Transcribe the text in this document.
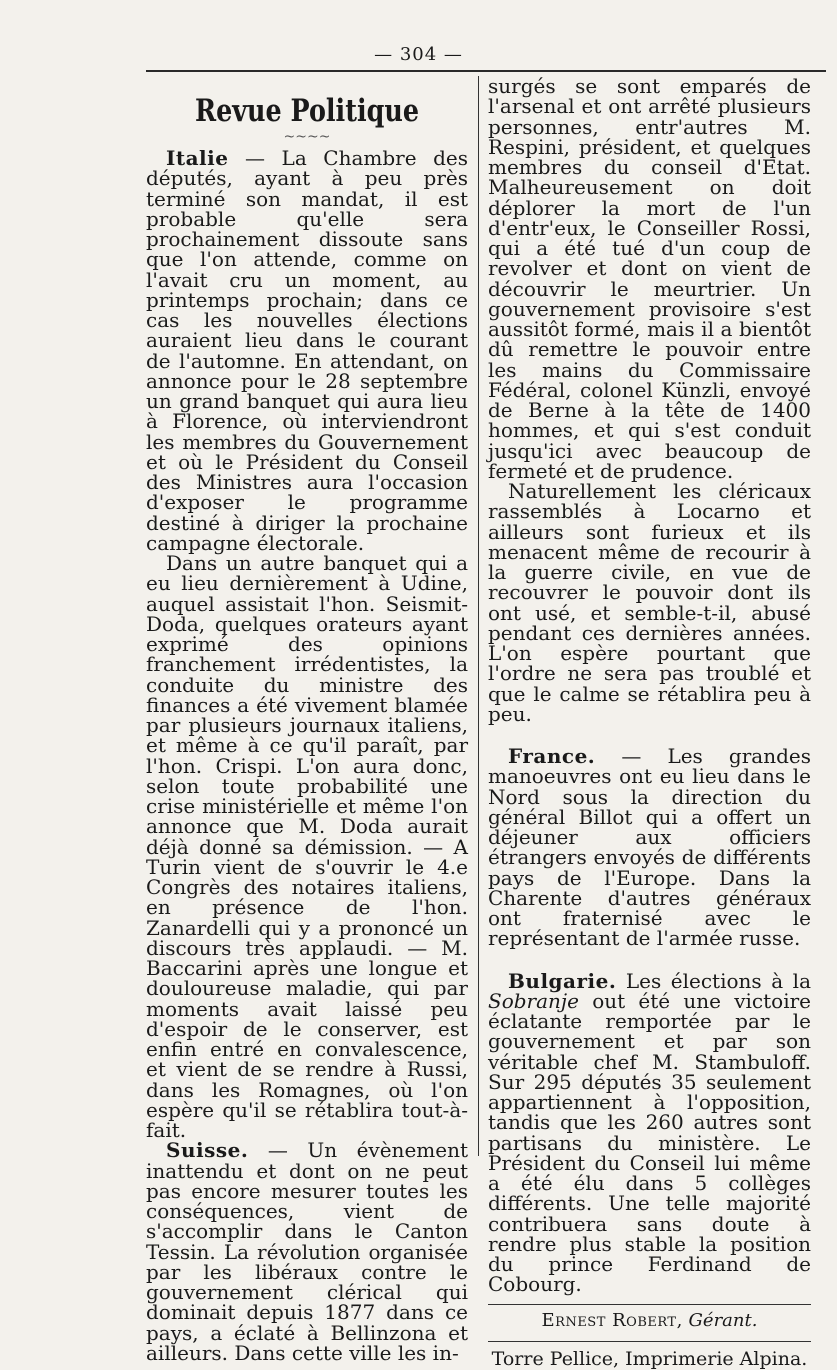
— 304 —

Revue Politique

~~~~

Italie — La Chambre des députés, ayant à peu près terminé son mandat, il est probable qu'elle sera prochainement dissoute sans que l'on attende, comme on l'avait cru un moment, au printemps prochain; dans ce cas les nouvelles élections auraient lieu dans le courant de l'automne. En attendant, on annonce pour le 28 septembre un grand banquet qui aura lieu à Florence, où interviendront les membres du Gouvernement et où le Président du Conseil des Ministres aura l'occasion d'exposer le programme destiné à diriger la prochaine campagne électorale.

Dans un autre banquet qui a eu lieu dernièrement à Udine, auquel assistait l'hon. Seismit-Doda, quelques orateurs ayant exprimé des opinions franchement irrédentistes, la conduite du ministre des finances a été vivement blamée par plusieurs journaux italiens, et même à ce qu'il paraît, par l'hon. Crispi. L'on aura donc, selon toute probabilité une crise ministérielle et même l'on annonce que M. Doda aurait déjà donné sa démission. — A Turin vient de s'ouvrir le 4.e Congrès des notaires italiens, en présence de l'hon. Zanardelli qui y a prononcé un discours très applaudi. — M. Baccarini après une longue et douloureuse maladie, qui par moments avait laissé peu d'espoir de le conserver, est enfin entré en convalescence, et vient de se rendre à Russi, dans les Romagnes, où l'on espère qu'il se rétablira tout-à-fait.

Suisse. — Un évènement inattendu et dont on ne peut pas encore mesurer toutes les conséquences, vient de s'accomplir dans le Canton Tessin. La révolution organisée par les libéraux contre le gouvernement clérical qui dominait depuis 1877 dans ce pays, a éclaté à Bellinzona et ailleurs. Dans cette ville les in-

surgés se sont emparés de l'arsenal et ont arrêté plusieurs personnes, entr'autres M. Respini, président, et quelques membres du conseil d'Etat. Malheureusement on doit déplorer la mort de l'un d'entr'eux, le Conseiller Rossi, qui a été tué d'un coup de revolver et dont on vient de découvrir le meurtrier. Un gouvernement provisoire s'est aussitôt formé, mais il a bientôt dû remettre le pouvoir entre les mains du Commissaire Fédéral, colonel Künzli, envoyé de Berne à la tête de 1400 hommes, et qui s'est conduit jusqu'ici avec beaucoup de fermeté et de prudence.

Naturellement les cléricaux rassemblés à Locarno et ailleurs sont furieux et ils menacent même de recourir à la guerre civile, en vue de recouvrer le pouvoir dont ils ont usé, et semble-t-il, abusé pendant ces dernières années. L'on espère pourtant que l'ordre ne sera pas troublé et que le calme se rétablira peu à peu.

France. — Les grandes manoeuvres ont eu lieu dans le Nord sous la direction du général Billot qui a offert un déjeuner aux officiers étrangers envoyés de différents pays de l'Europe. Dans la Charente d'autres généraux ont fraternisé avec le représentant de l'armée russe.

Bulgarie. Les élections à la Sobranje out été une victoire éclatante remportée par le gouvernement et par son véritable chef M. Stambuloff. Sur 295 députés 35 seulement appartiennent à l'opposition, tandis que les 260 autres sont partisans du ministère. Le Président du Conseil lui même a été élu dans 5 collèges différents. Une telle majorité contribuera sans doute à rendre plus stable la position du prince Ferdinand de Cobourg.

Ernest Robert, Gérant.

Torre Pellice, Imprimerie Alpina.
